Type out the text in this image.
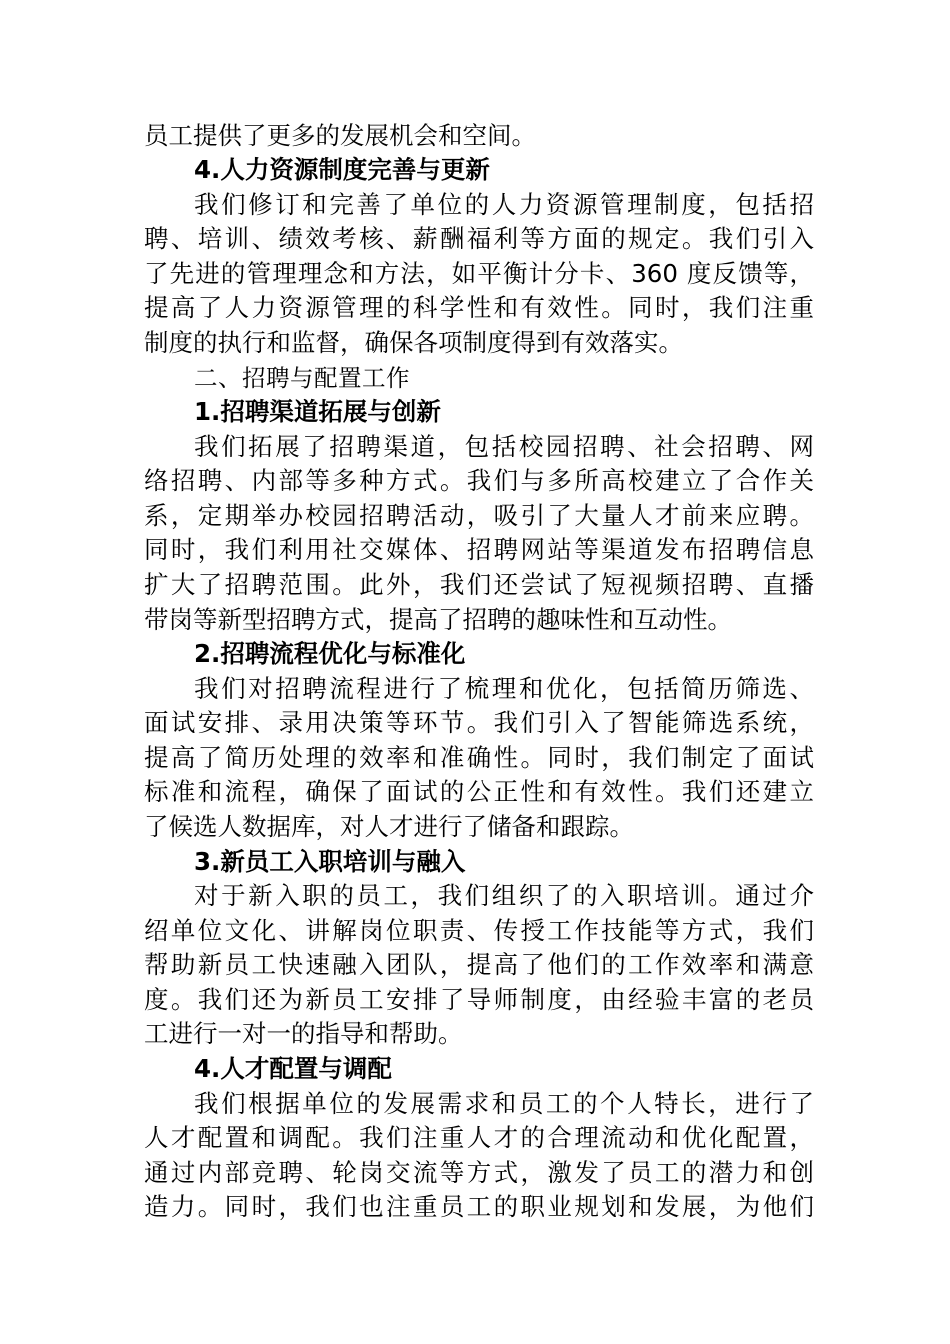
员工提供了更多的发展机会和空间。
4.人力资源制度完善与更新
我们修订和完善了单位的人力资源管理制度，包括招
聘、培训、绩效考核、薪酬福利等方面的规定。我们引入
了先进的管理理念和方法，如平衡计分卡、360 度反馈等，
提高了人力资源管理的科学性和有效性。同时，我们注重
制度的执行和监督，确保各项制度得到有效落实。
二、招聘与配置工作
1.招聘渠道拓展与创新
我们拓展了招聘渠道，包括校园招聘、社会招聘、网
络招聘、内部等多种方式。我们与多所高校建立了合作关
系，定期举办校园招聘活动，吸引了大量人才前来应聘。
同时，我们利用社交媒体、招聘网站等渠道发布招聘信息
扩大了招聘范围。此外，我们还尝试了短视频招聘、直播
带岗等新型招聘方式，提高了招聘的趣味性和互动性。
2.招聘流程优化与标准化
我们对招聘流程进行了梳理和优化，包括简历筛选、
面试安排、录用决策等环节。我们引入了智能筛选系统，
提高了简历处理的效率和准确性。同时，我们制定了面试
标准和流程，确保了面试的公正性和有效性。我们还建立
了候选人数据库，对人才进行了储备和跟踪。
3.新员工入职培训与融入
对于新入职的员工，我们组织了的入职培训。通过介
绍单位文化、讲解岗位职责、传授工作技能等方式，我们
帮助新员工快速融入团队，提高了他们的工作效率和满意
度。我们还为新员工安排了导师制度，由经验丰富的老员
工进行一对一的指导和帮助。
4.人才配置与调配
我们根据单位的发展需求和员工的个人特长，进行了
人才配置和调配。我们注重人才的合理流动和优化配置，
通过内部竞聘、轮岗交流等方式，激发了员工的潜力和创
造力。同时，我们也注重员工的职业规划和发展，为他们
